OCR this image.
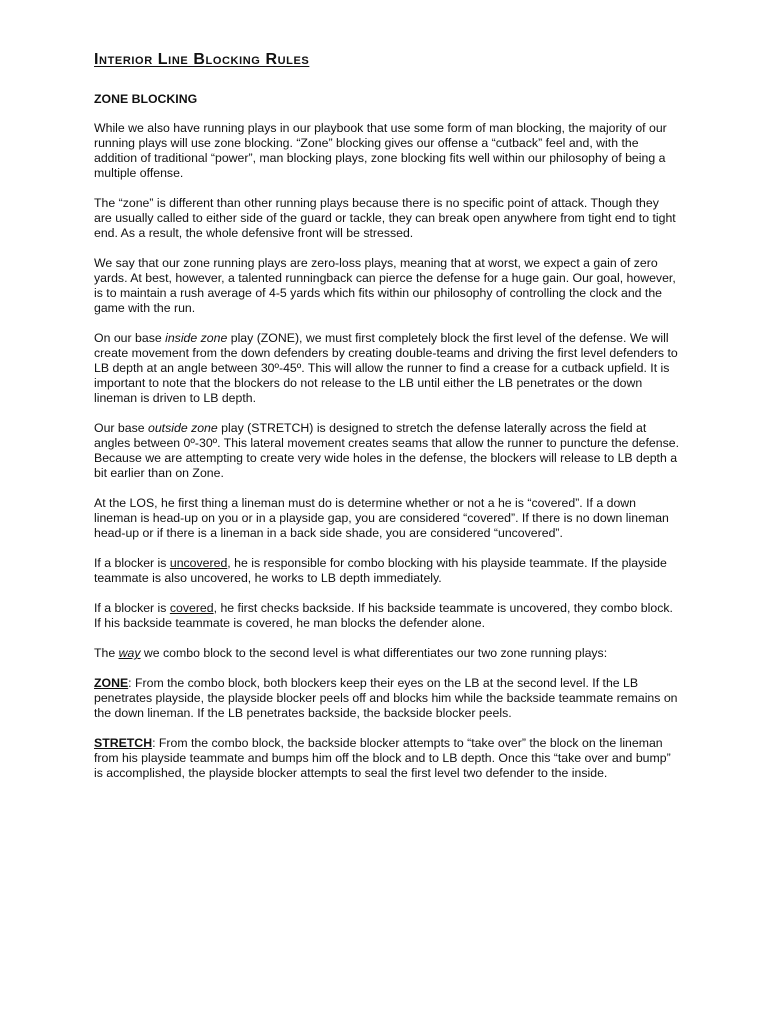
Interior Line Blocking Rules
ZONE BLOCKING

While we also have running plays in our playbook that use some form of man blocking, the majority of our running plays will use zone blocking. “Zone” blocking gives our offense a “cutback” feel and, with the addition of traditional “power”, man blocking plays, zone blocking fits well within our philosophy of being a multiple offense.

The “zone” is different than other running plays because there is no specific point of attack. Though they are usually called to either side of the guard or tackle, they can break open anywhere from tight end to tight end. As a result, the whole defensive front will be stressed.

We say that our zone running plays are zero-loss plays, meaning that at worst, we expect a gain of zero yards. At best, however, a talented runningback can pierce the defense for a huge gain. Our goal, however, is to maintain a rush average of 4-5 yards which fits within our philosophy of controlling the clock and the game with the run.

On our base inside zone play (ZONE), we must first completely block the first level of the defense. We will create movement from the down defenders by creating double-teams and driving the first level defenders to LB depth at an angle between 30º-45º. This will allow the runner to find a crease for a cutback upfield. It is important to note that the blockers do not release to the LB until either the LB penetrates or the down lineman is driven to LB depth.

Our base outside zone play (STRETCH) is designed to stretch the defense laterally across the field at angles between 0º-30º. This lateral movement creates seams that allow the runner to puncture the defense. Because we are attempting to create very wide holes in the defense, the blockers will release to LB depth a bit earlier than on Zone.

At the LOS, he first thing a lineman must do is determine whether or not a he is “covered”. If a down lineman is head-up on you or in a playside gap, you are considered “covered”. If there is no down lineman head-up or if there is a lineman in a back side shade, you are considered “uncovered”.

If a blocker is uncovered, he is responsible for combo blocking with his playside teammate. If the playside teammate is also uncovered, he works to LB depth immediately.

If a blocker is covered, he first checks backside. If his backside teammate is uncovered, they combo block. If his backside teammate is covered, he man blocks the defender alone.

The way we combo block to the second level is what differentiates our two zone running plays:

ZONE: From the combo block, both blockers keep their eyes on the LB at the second level. If the LB penetrates playside, the playside blocker peels off and blocks him while the backside teammate remains on the down lineman. If the LB penetrates backside, the backside blocker peels.

STRETCH: From the combo block, the backside blocker attempts to “take over” the block on the lineman from his playside teammate and bumps him off the block and to LB depth. Once this “take over and bump” is accomplished, the playside blocker attempts to seal the first level two defender to the inside.
